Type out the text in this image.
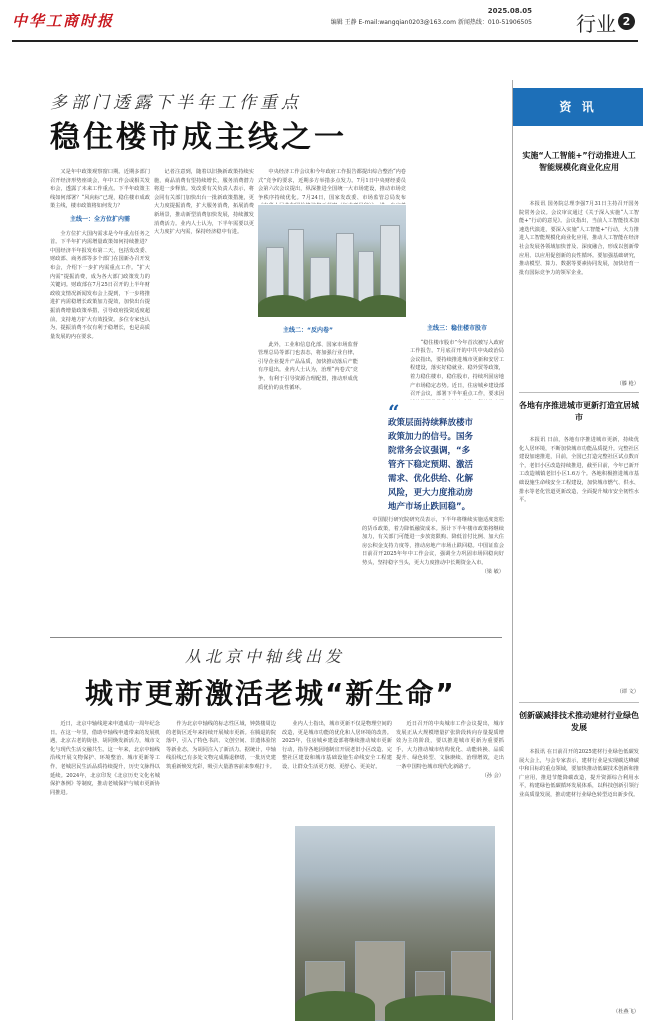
中华工商时报
2025.08.05
编辑 王静 E-mail:wangqian0203@163.com 新闻热线：010-51906505 行业 2
多部门透露下半年工作重点
稳住楼市成主线之一

又是年中政策观察窗口期。近期多部门召开经济形势座谈会，年中工作会或相关发布会，透露了未来工作重点。下半年政策主线如何部署？“风向标”已现，稳住楼市成政策主线，楼市政策将如何发力？

主线一：全方位扩内需

全方位扩大国内需求是今年重点任务之首。下半年扩内需增量政策如何持续推进？中国经济半年报发布第二天，包括发改委、财政部、商务部等多个部门在国新办召开发布会，介绍下一步扩内需重点工作。“扩大内需”提振消费，成为各大部门政策发力的关键词。财政部在7月25日召开的上半年财政收支情况新闻发布会上提到，下一步将推进扩内需稳增长政策加力提效，加快出台提振消费增量政策举措，引导政府投资适度超前，支持地方扩大有效投资。多位专家也认为，提振消费不仅有利于稳增长，也是高质量发展的内在要求。

记者注意到，随着以旧换新政策持续实施，商品消费有望持续增长，服务消费潜力将进一步释放。发改委有关负责人表示，将会同有关部门加快出台一批新政策措施，更大力度提振消费，扩大服务消费，拓展消费新场景，推动新型消费加快发展，持续激发消费活力。业内人士认为，下半年需要以更大力度扩大内需，保持经济稳中有进。

中央经济工作会议和今年政府工作报告都提出综合整治“内卷式”竞争的要求，近期多方举措多点发力。7月1日中央财经委员会第六次会议提出，纵深推进全国统一大市场建设，推动市场竞争秩序持续优化。7月24日，国家发改委、市场监管总局发布

主线二：“反内卷”

此外，工业和信息化部、国家市场监督管理总局等部门也表态，将加强行业自律，引导企业提升产品品质，加快推动落后产能有序退出。业内人士认为，治理“内卷式”竞争，有利于引导资源合理配置，推动形成优质优价的良性循环。

主线三：稳住楼市股市

“稳住楼市股市”今年首次被写入政府工作报告。7月底召开的中共中央政治局会议指出，要持续推进城市更新和安居工程建设，落实好稳就业、稳外贸等政策，着力稳住楼市，稳住股市，持续巩固房地产市场稳定态势。近日，住房城乡建设部召开会议，部署下半年重点工作，要求因

中国银行研究院研究员表示，下半年将继续实施适度宽松的货币政策，着力降低融资成本。预计下半年楼市政策将继续加力，有关部门可能进一步放宽限购、降低首付比例、加大住房公积金支持力度等，推动房地产市场止跌回稳。中国证监会日前召开2025年年中工作会议，强调全力巩固市场回稳向好势头，坚持稳字当头，更大力度推动中长期资金入市。

（梁 敏）
“
政策层面持续释放楼市政策加力的信号。国务院常务会议强调，“多管齐下稳定预期、激活需求、优化供给、化解风险，更大力度推动房地产市场止跌回稳”。
从北京中轴线出发
城市更新激活老城“新生命”

近日，北京中轴线迎来申遗成功一周年纪念日。在这一年里，借助中轴线申遗带来的发展机遇，北京古老的街巷、胡同焕发新活力，城市文化与现代生活交融共生。这一年来，北京中轴线沿线开展文物保护、环境整治、城市更新等工作，老城居民生活品质持续提升，历史文脉得以延续。2024年，北京印发《北京历史文化名城保护条例》等制度，推动老城保护与城市更新协同推进。

作为北京中轴线的标志性区域，钟鼓楼周边的老街区近年来持续开展城市更新。在腾退的院落中，引入了特色书店、文创空间、非遗体验馆等新业态，为胡同注入了新活力。据统计，中轴线沿线已有多处文物完成腾退修缮，一批历史建筑重新焕发光彩，吸引大量游客前来参观打卡。

业内人士指出，城市更新不仅是物理空间的改造，更是城市功能的优化和人居环境的改善。2025年，住房城乡建设部将继续推动城市更新行动，指导各地因地制宜开展老旧小区改造、完整社区建设和城市基础设施生命线安全工程建设，让群众生活更方便、更舒心、更美好。

近日召开的中央城市工作会议提出，城市发展正从大规模增量扩张阶段转向存量提质增效为主的阶段，要以推进城市更新为重要抓手，大力推动城市结构优化、动能转换、品质提升、绿色转型、文脉赓续、治理增效，走出一条中国特色城市现代化新路子。

（孙 会）
资 讯
实施“人工智能+”行动推进人工智能规模化商业化应用
本报讯 国务院总理李强7月31日主持召开国务院常务会议。会议审议通过《关于深入实施“人工智能+”行动的意见》。会议指出，当前人工智能技术加速迭代演进，要深入实施“人工智能+”行动，大力推进人工智能规模化商业化应用，推动人工智能在经济社会发展各领域加快普及、深度融合，形成以创新带应用、以应用促创新的良性循环。要加强基础研究，推动模型、算力、数据等要素协同发展，加快培育一批有国际竞争力的领军企业。
（滕 枪）
各地有序推进城市更新打造宜居城市
本报讯 日前，各地有序推进城市更新，持续优化人居环境，不断加快城市功能品质提升。完整社区建设加速推进，目前，全国已打造完整社区试点数百个，老旧小区改造持续推进，截至目前，今年已新开工改造城镇老旧小区1.6万个。各地积极推进城市基础设施生命线安全工程建设，加快城市燃气、供水、排水等老化管道更新改造，全面提升城市安全韧性水平。
（谭 文）
创新碳减排技术推动建材行业绿色发展
本报讯 在日前召开的2025建材行业绿色低碳发展大会上，与会专家表示，建材行业是实现碳达峰碳中和目标的重点领域，要加快推动低碳技术创新和推广应用，推进节能降碳改造，提升资源综合利用水平，构建绿色低碳循环发展体系，以科技创新引领行业高质量发展，推动建材行业绿色转型迈出新步伐。
（杜燕飞）
